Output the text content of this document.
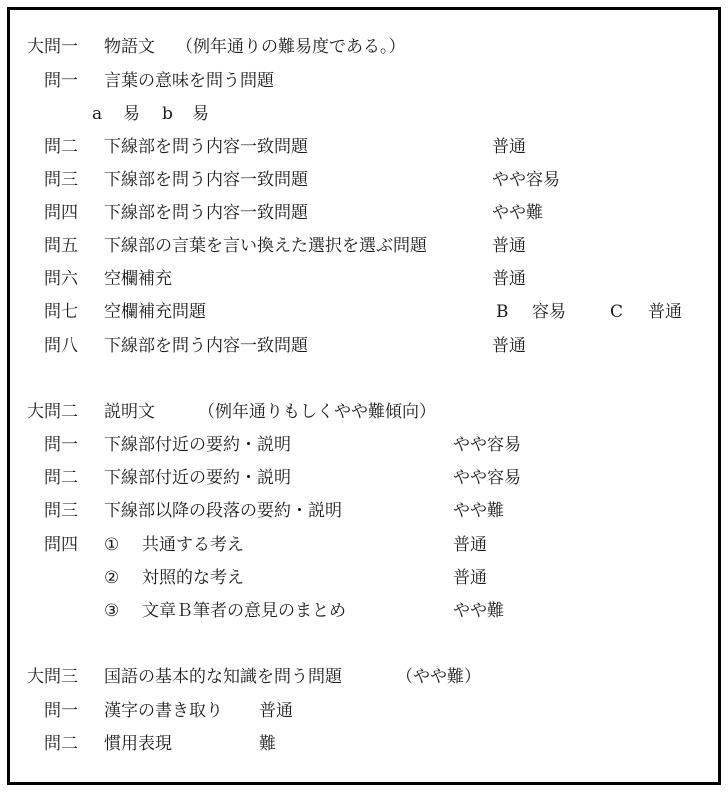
大問一 物語文 （例年通りの難易度である。）
問一 言葉の意味を問う問題
a 易 b 易
問二 下線部を問う内容一致問題	普通
問三 下線部を問う内容一致問題	やや容易
問四 下線部を問う内容一致問題	やや難
問五 下線部の言葉を言い換えた選択を選ぶ問題	普通
問六 空欄補充	普通
問七 空欄補充問題	B 容易	C 普通
問八 下線部を問う内容一致問題	普通
大問二 説明文	（例年通りもしくやや難傾向）
問一 下線部付近の要約・説明	やや容易
問二 下線部付近の要約・説明	やや容易
問三 下線部以降の段落の要約・説明	やや難
問四 ① 共通する考え	普通
② 対照的な考え	普通
③ 文章Ｂ筆者の意見のまとめ	やや難
大問三 国語の基本的な知識を問う問題	（やや難）
問一 漢字の書き取り 普通
問二 慣用表現	難
